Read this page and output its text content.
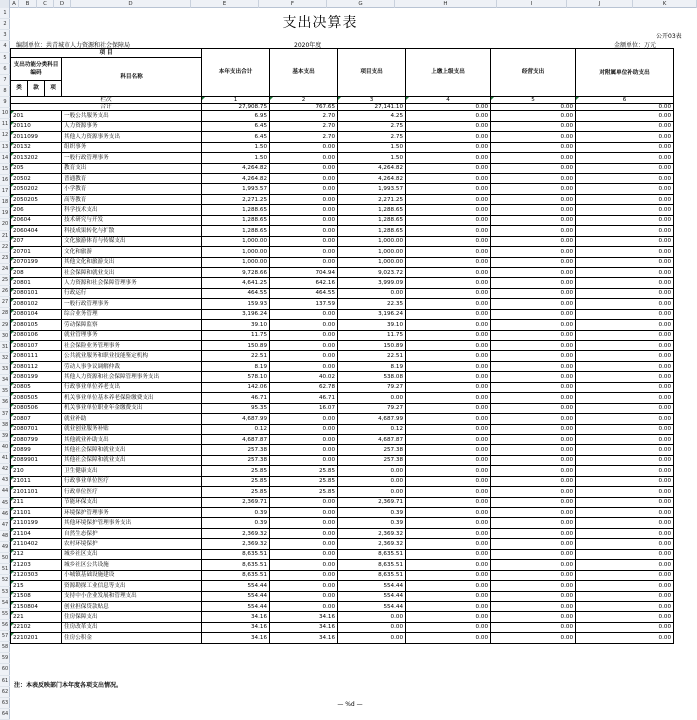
A	B	C	D	D	E	F	G	H	I	J	K
1
2
3
4
5
6
7
8
9
10
11
12
13
14
15
16
17
18
19
20
21
22
23
24
25
26
27
28
29
30
31
32
33
34
35
36
37
38
39
40
41
42
43
44
45
46
47
48
49
50
51
52
53
54
55
56
57
58
59
60
61
62
63
64
支出决算表
公开03表
编制单位：共青城市人力资源和社会保障局	2020年度	金额单位：万元
项 目				本年支出合计	基本支出	项目支出	上缴上级支出	经营支出	对附属单位补助支出
支出功能分类科目编码			科目名称						

类	款	项							
栏次				1	2	3	4	5	6
合计				27,908.75	767.65	27,141.10	0.00	0.00	0.00
201			一般公共服务支出	6.95	2.70	4.25	0.00	0.00	0.00
20110			人力资源事务	6.45	2.70	2.75	0.00	0.00	0.00
2011099			其他人力资源事务支出	6.45	2.70	2.75	0.00	0.00	0.00
20132			组织事务	1.50	0.00	1.50	0.00	0.00	0.00
2013202			一般行政管理事务	1.50	0.00	1.50	0.00	0.00	0.00
205			教育支出	4,264.82	0.00	4,264.82	0.00	0.00	0.00
20502			普通教育	4,264.82	0.00	4,264.82	0.00	0.00	0.00
2050202			小学教育	1,993.57	0.00	1,993.57	0.00	0.00	0.00
2050205			高等教育	2,271.25	0.00	2,271.25	0.00	0.00	0.00
206			科学技术支出	1,288.65	0.00	1,288.65	0.00	0.00	0.00
20604			技术研究与开发	1,288.65	0.00	1,288.65	0.00	0.00	0.00
2060404			科技成果转化与扩散	1,288.65	0.00	1,288.65	0.00	0.00	0.00
207			文化旅游体育与传媒支出	1,000.00	0.00	1,000.00	0.00	0.00	0.00
20701			文化和旅游	1,000.00	0.00	1,000.00	0.00	0.00	0.00
2070199			其他文化和旅游支出	1,000.00	0.00	1,000.00	0.00	0.00	0.00
208			社会保障和就业支出	9,728.66	704.94	9,023.72	0.00	0.00	0.00
20801			人力资源和社会保障管理事务	4,641.25	642.16	3,999.09	0.00	0.00	0.00
2080101			行政运行	464.55	464.55	0.00	0.00	0.00	0.00
2080102			一般行政管理事务	159.93	137.59	22.35	0.00	0.00	0.00
2080104			综合业务管理	3,196.24	0.00	3,196.24	0.00	0.00	0.00
2080105			劳动保障监察	39.10	0.00	39.10	0.00	0.00	0.00
2080106			就业管理事务	11.75	0.00	11.75	0.00	0.00	0.00
2080107			社会保险业务管理事务	150.89	0.00	150.89	0.00	0.00	0.00
2080111			公共就业服务和职业技能鉴定机构	22.51	0.00	22.51	0.00	0.00	0.00
2080112			劳动人事争议调解仲裁	8.19	0.00	8.19	0.00	0.00	0.00
2080199			其他人力资源和社会保障管理事务支出	578.10	40.02	538.08	0.00	0.00	0.00
20805			行政事业单位养老支出	142.06	62.78	79.27	0.00	0.00	0.00
2080505			机关事业单位基本养老保险缴费支出	46.71	46.71	0.00	0.00	0.00	0.00
2080506			机关事业单位职业年金缴费支出	95.35	16.07	79.27	0.00	0.00	0.00
20807			就业补助	4,687.99	0.00	4,687.99	0.00	0.00	0.00
2080701			就业创业服务补贴	0.12	0.00	0.12	0.00	0.00	0.00
2080799			其他就业补助支出	4,687.87	0.00	4,687.87	0.00	0.00	0.00
20899			其他社会保障和就业支出	257.38	0.00	257.38	0.00	0.00	0.00
2089901			其他社会保障和就业支出	257.38	0.00	257.38	0.00	0.00	0.00
210			卫生健康支出	25.85	25.85	0.00	0.00	0.00	0.00
21011			行政事业单位医疗	25.85	25.85	0.00	0.00	0.00	0.00
2101101			行政单位医疗	25.85	25.85	0.00	0.00	0.00	0.00
211			节能环保支出	2,369.71	0.00	2,369.71	0.00	0.00	0.00
21101			环境保护管理事务	0.39	0.00	0.39	0.00	0.00	0.00
2110199			其他环境保护管理事务支出	0.39	0.00	0.39	0.00	0.00	0.00
21104			自然生态保护	2,369.32	0.00	2,369.32	0.00	0.00	0.00
2110402			农村环境保护	2,369.32	0.00	2,369.32	0.00	0.00	0.00
212			城乡社区支出	8,635.51	0.00	8,635.51	0.00	0.00	0.00
21203			城乡社区公共设施	8,635.51	0.00	8,635.51	0.00	0.00	0.00
2120303			小城镇基础设施建设	8,635.51	0.00	8,635.51	0.00	0.00	0.00
215			资源勘探工业信息等支出	554.44	0.00	554.44	0.00	0.00	0.00
21508			支持中小企业发展和管理支出	554.44	0.00	554.44	0.00	0.00	0.00
2150804			创业担保贷款贴息	554.44	0.00	554.44	0.00	0.00	0.00
221			住房保障支出	34.16	34.16	0.00	0.00	0.00	0.00
22102			住房改革支出	34.16	34.16	0.00	0.00	0.00	0.00
2210201			住房公积金	34.16	34.16	0.00	0.00	0.00	0.00
注：本表反映部门本年度各项支出情况。
— %d —
